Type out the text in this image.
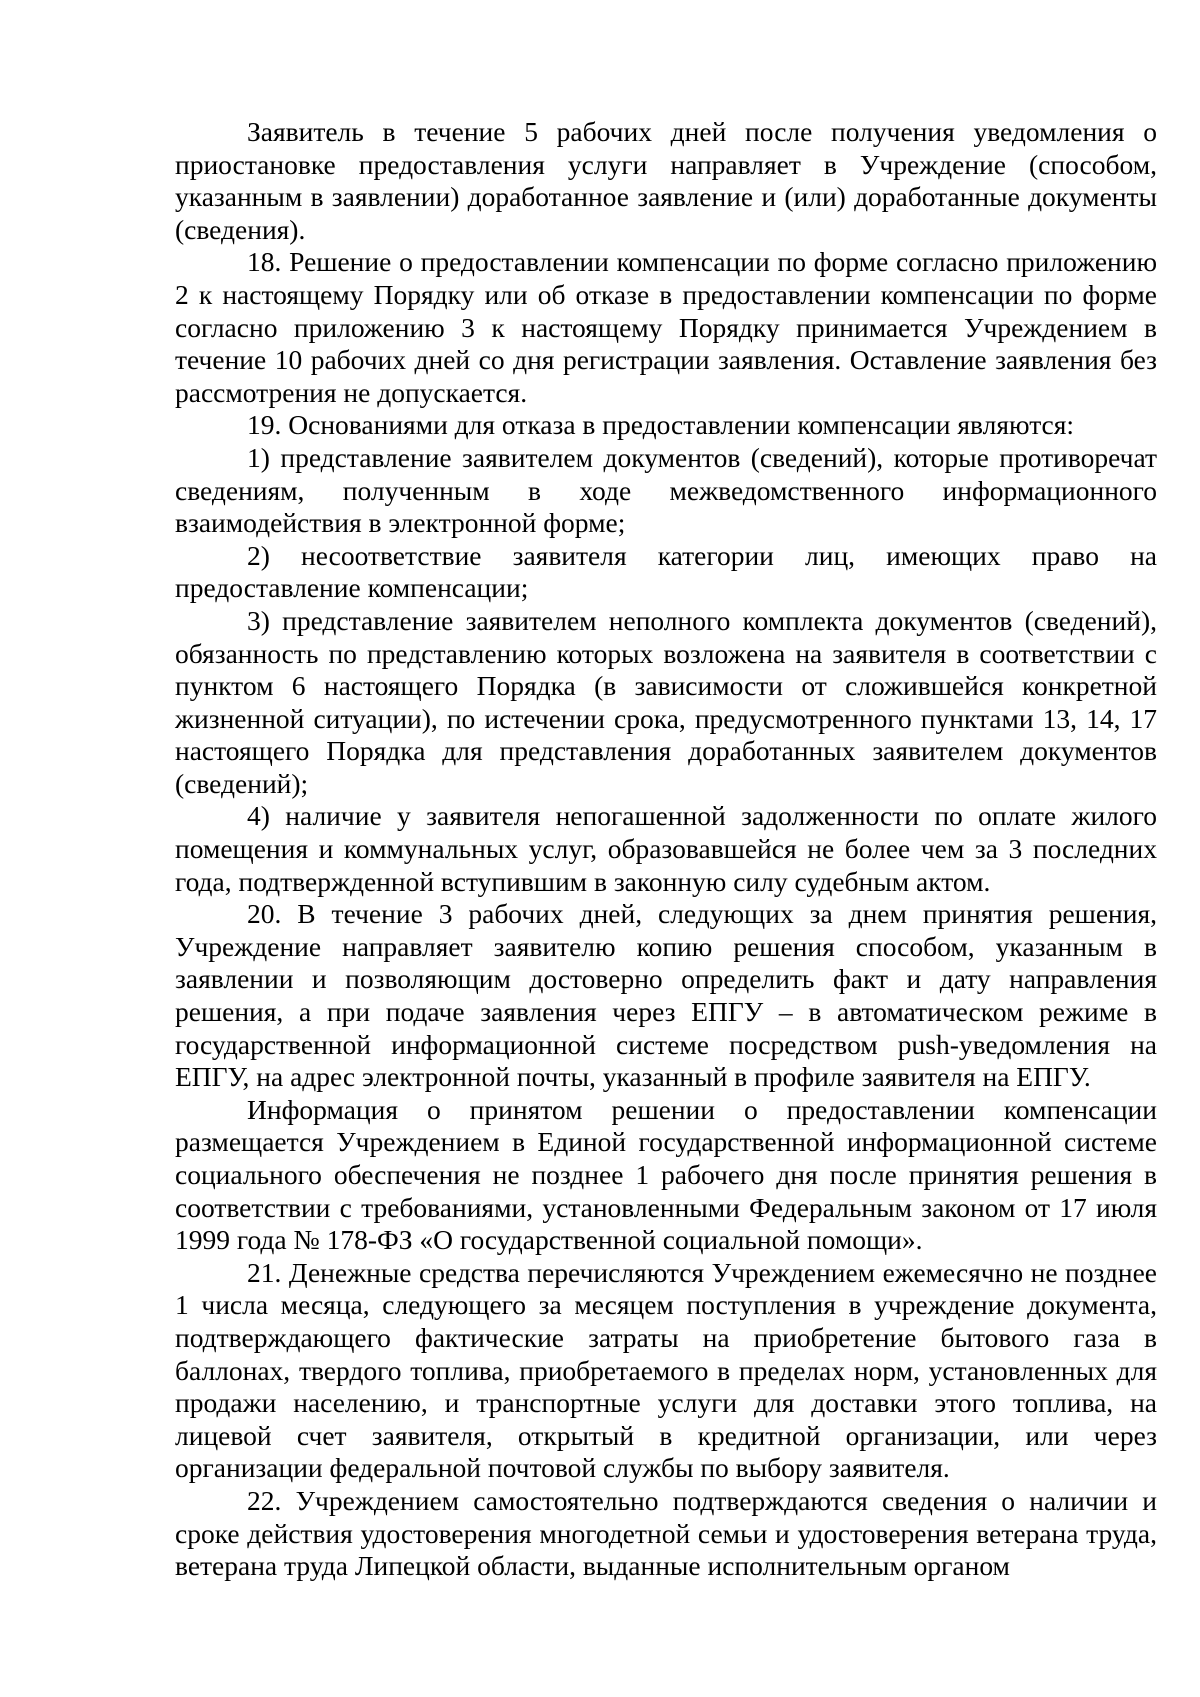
Заявитель в течение 5 рабочих дней после получения уведомления о приостановке предоставления услуги направляет в Учреждение (способом, указанным в заявлении) доработанное заявление и (или) доработанные документы (сведения).

18. Решение о предоставлении компенсации по форме согласно приложению 2 к настоящему Порядку или об отказе в предоставлении компенсации по форме согласно приложению 3 к настоящему Порядку принимается Учреждением в течение 10 рабочих дней со дня регистрации заявления. Оставление заявления без рассмотрения не допускается.

19. Основаниями для отказа в предоставлении компенсации являются:

1) представление заявителем документов (сведений), которые противоречат сведениям, полученным в ходе межведомственного информационного взаимодействия в электронной форме;

2) несоответствие заявителя категории лиц, имеющих право на предоставление компенсации;

3) представление заявителем неполного комплекта документов (сведений), обязанность по представлению которых возложена на заявителя в соответствии с пунктом 6 настоящего Порядка (в зависимости от сложившейся конкретной жизненной ситуации), по истечении срока, предусмотренного пунктами 13, 14, 17 настоящего Порядка для представления доработанных заявителем документов (сведений);

4) наличие у заявителя непогашенной задолженности по оплате жилого помещения и коммунальных услуг, образовавшейся не более чем за 3 последних года, подтвержденной вступившим в законную силу судебным актом.

20. В течение 3 рабочих дней, следующих за днем принятия решения, Учреждение направляет заявителю копию решения способом, указанным в заявлении и позволяющим достоверно определить факт и дату направления решения, а при подаче заявления через ЕПГУ – в автоматическом режиме в государственной информационной системе посредством push-уведомления на ЕПГУ, на адрес электронной почты, указанный в профиле заявителя на ЕПГУ.

Информация о принятом решении о предоставлении компенсации размещается Учреждением в Единой государственной информационной системе социального обеспечения не позднее 1 рабочего дня после принятия решения в соответствии с требованиями, установленными Федеральным законом от 17 июля 1999 года № 178-ФЗ «О государственной социальной помощи».

21. Денежные средства перечисляются Учреждением ежемесячно не позднее 1 числа месяца, следующего за месяцем поступления в учреждение документа, подтверждающего фактические затраты на приобретение бытового газа в баллонах, твердого топлива, приобретаемого в пределах норм, установленных для продажи населению, и транспортные услуги для доставки этого топлива, на лицевой счет заявителя, открытый в кредитной организации, или через организации федеральной почтовой службы по выбору заявителя.

22. Учреждением самостоятельно подтверждаются сведения о наличии и сроке действия удостоверения многодетной семьи и удостоверения ветерана труда, ветерана труда Липецкой области, выданные исполнительным органом
